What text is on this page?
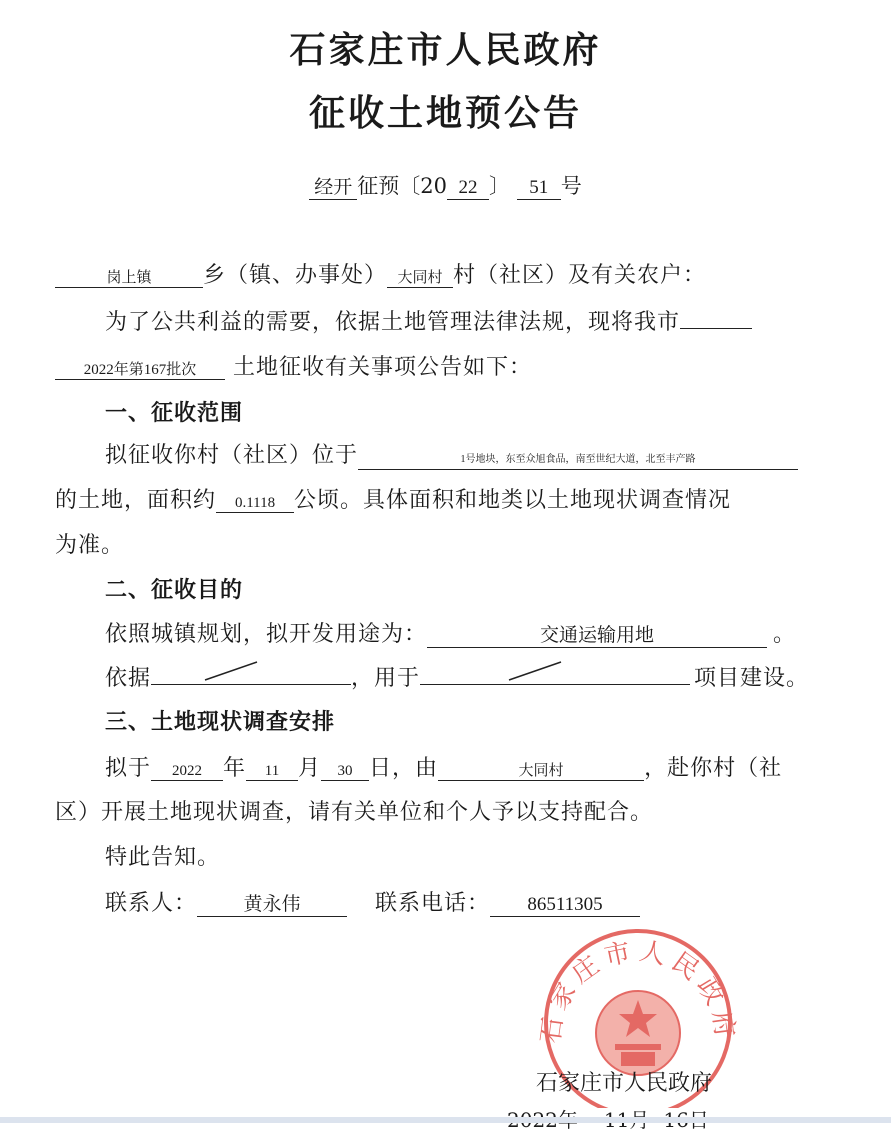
石家庄市人民政府
征收土地预公告
经开 征预〔20 22 〕 51 号
岗上镇 乡（镇、办事处） 大同村 村（社区）及有关农户：
为了公共利益的需要，依据土地管理法律法规，现将我市
2022年第167批次 土地征收有关事项公告如下：
一、征收范围
拟征收你村（社区）位于	1号地块，东至众旭食品，南至世纪大道，北至丰产路
的土地，面积约 0.1118 公顷。具体面积和地类以土地现状调查情况
为准。
二、征收目的
依照城镇规划，拟开发用途为：	交通运输用地	。
依据	，用于	项目建设。
三、土地现状调查安排
拟于 2022 年 11 月 30 日，由	大同村	，赴你村（社
区）开展土地现状调查，请有关单位和个人予以支持配合。
特此告知。
联系人： 黄永伟	联系电话： 86511305
石家庄市人民政府
石家庄市人民政府
